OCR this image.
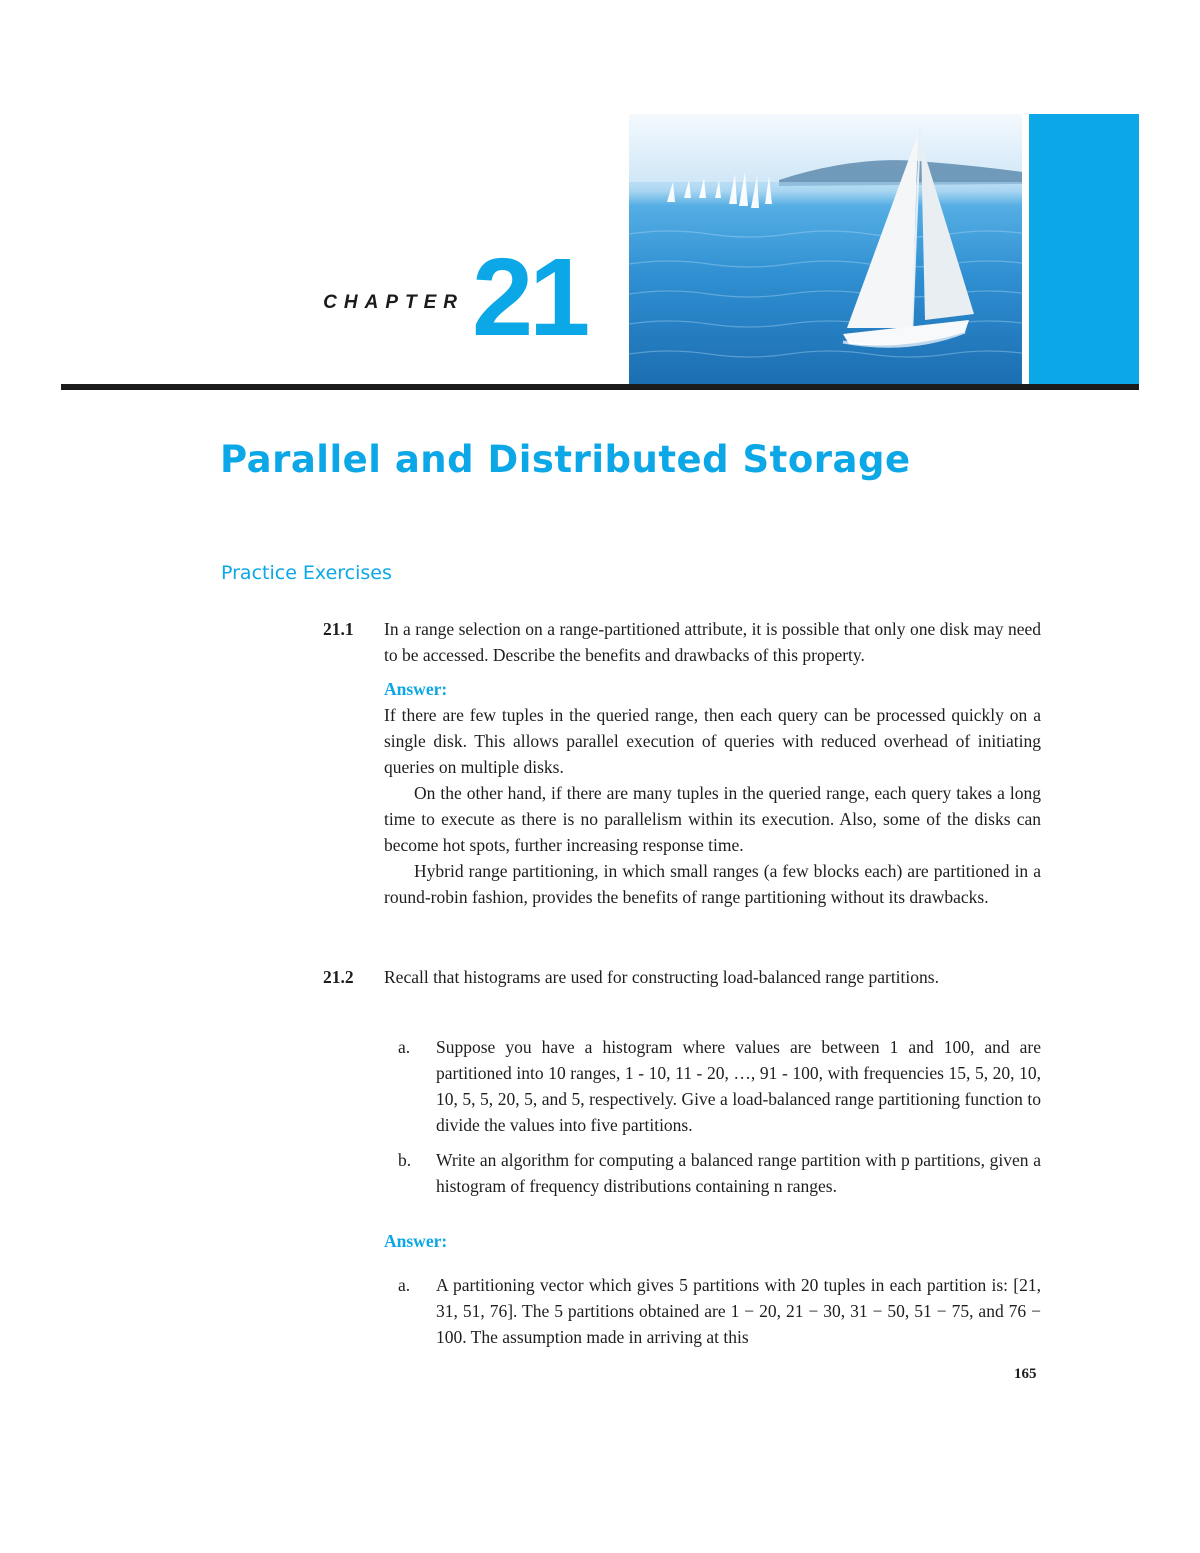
CHAPTER 21
Parallel and Distributed Storage
Practice Exercises
21.1 In a range selection on a range-partitioned attribute, it is possible that only one disk may need to be accessed. Describe the benefits and drawbacks of this property.

Answer:

If there are few tuples in the queried range, then each query can be processed quickly on a single disk. This allows parallel execution of queries with reduced overhead of initiating queries on multiple disks.

On the other hand, if there are many tuples in the queried range, each query takes a long time to execute as there is no parallelism within its execution. Also, some of the disks can become hot spots, further increasing response time.

Hybrid range partitioning, in which small ranges (a few blocks each) are partitioned in a round-robin fashion, provides the benefits of range partitioning without its drawbacks.

21.2 Recall that histograms are used for constructing load-balanced range partitions.

a. Suppose you have a histogram where values are between 1 and 100, and are partitioned into 10 ranges, 1 - 10, 11 - 20, …, 91 - 100, with frequencies 15, 5, 20, 10, 10, 5, 5, 20, 5, and 5, respectively. Give a load-balanced range partitioning function to divide the values into five partitions.

b. Write an algorithm for computing a balanced range partition with p partitions, given a histogram of frequency distributions containing n ranges.

Answer:

a. A partitioning vector which gives 5 partitions with 20 tuples in each partition is: [21, 31, 51, 76]. The 5 partitions obtained are 1 − 20, 21 − 30, 31 − 50, 51 − 75, and 76 − 100. The assumption made in arriving at this

165
